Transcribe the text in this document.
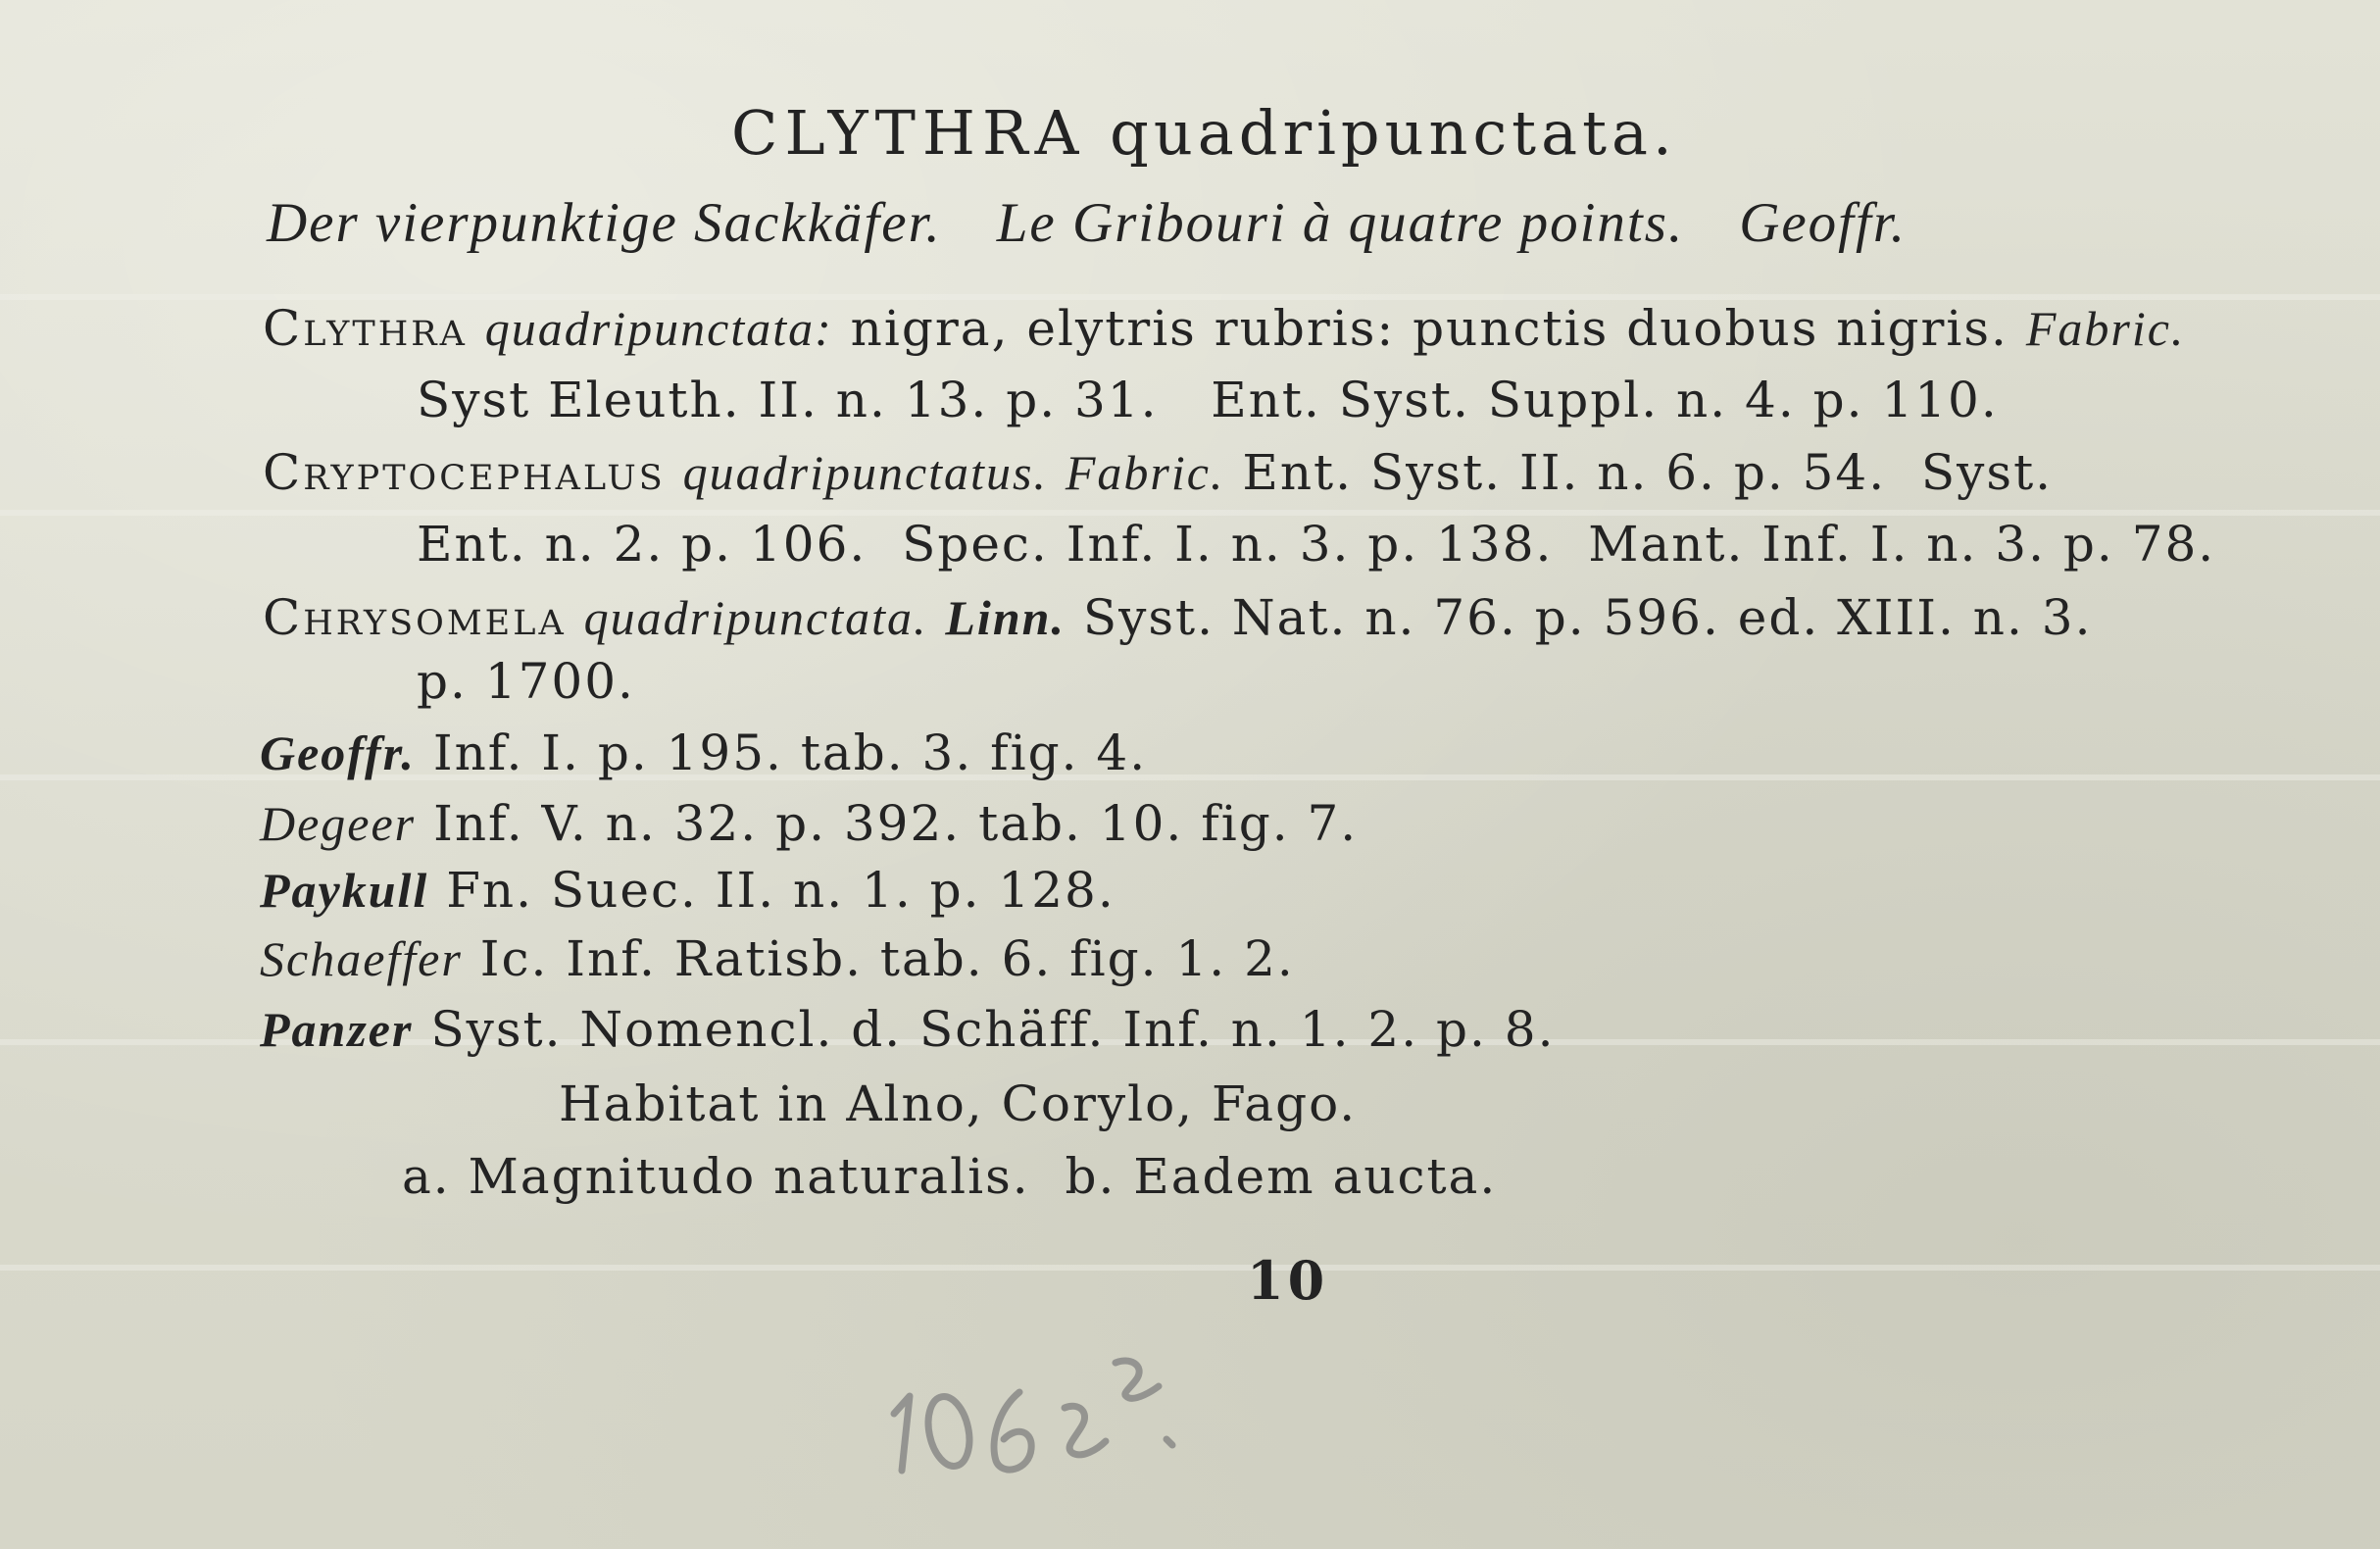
CLYTHRA quadripunctata.
Der vierpunktige Sackkäfer. Le Gribouri à quatre points. Geoffr.
Clythra quadripunctata: nigra, elytris rubris: punctis duobus nigris. Fabric.
Syst Eleuth. II. n. 13. p. 31.   Ent. Syst. Suppl. n. 4. p. 110.
Cryptocephalus quadripunctatus. Fabric. Ent. Syst. II. n. 6. p. 54.  Syst.
Ent. n. 2. p. 106.  Spec. Inf. I. n. 3. p. 138.  Mant. Inf. I. n. 3. p. 78.
Chrysomela quadripunctata. Linn. Syst. Nat. n. 76. p. 596. ed. XIII. n. 3.
p. 1700.
Geoffr. Inf. I. p. 195. tab. 3. fig. 4.
Degeer Inf. V. n. 32. p. 392. tab. 10. fig. 7.
Paykull Fn. Suec. II. n. 1. p. 128.
Schaeffer Ic. Inf. Ratisb. tab. 6. fig. 1. 2.
Panzer Syst. Nomencl. d. Schäff. Inf. n. 1. 2. p. 8.
Habitat in Alno, Corylo, Fago.
a. Magnitudo naturalis.  b. Eadem aucta.
10
